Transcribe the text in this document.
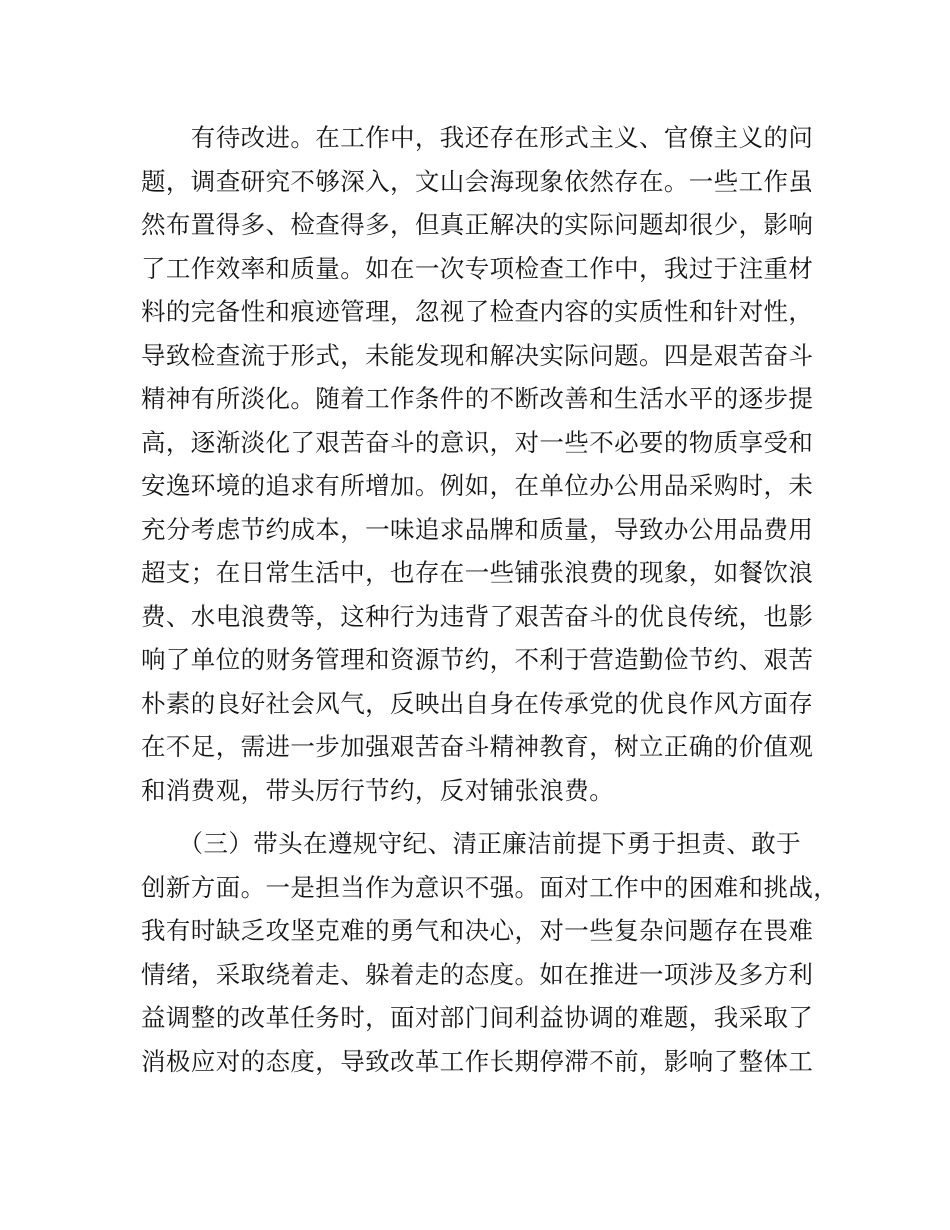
　　有待改进。在工作中，我还存在形式主义、官僚主义的问
题，调查研究不够深入，文山会海现象依然存在。一些工作虽
然布置得多、检查得多，但真正解决的实际问题却很少，影响
了工作效率和质量。如在一次专项检查工作中，我过于注重材
料的完备性和痕迹管理，忽视了检查内容的实质性和针对性，
导致检查流于形式，未能发现和解决实际问题。四是艰苦奋斗
精神有所淡化。随着工作条件的不断改善和生活水平的逐步提
高，逐渐淡化了艰苦奋斗的意识，对一些不必要的物质享受和
安逸环境的追求有所增加。例如，在单位办公用品采购时，未
充分考虑节约成本，一味追求品牌和质量，导致办公用品费用
超支；在日常生活中，也存在一些铺张浪费的现象，如餐饮浪
费、水电浪费等，这种行为违背了艰苦奋斗的优良传统，也影
响了单位的财务管理和资源节约，不利于营造勤俭节约、艰苦
朴素的良好社会风气，反映出自身在传承党的优良作风方面存
在不足，需进一步加强艰苦奋斗精神教育，树立正确的价值观
和消费观，带头厉行节约，反对铺张浪费。
　　（三）带头在遵规守纪、清正廉洁前提下勇于担责、敢于
创新方面。一是担当作为意识不强。面对工作中的困难和挑战，
我有时缺乏攻坚克难的勇气和决心，对一些复杂问题存在畏难
情绪，采取绕着走、躲着走的态度。如在推进一项涉及多方利
益调整的改革任务时，面对部门间利益协调的难题，我采取了
消极应对的态度，导致改革工作长期停滞不前，影响了整体工
